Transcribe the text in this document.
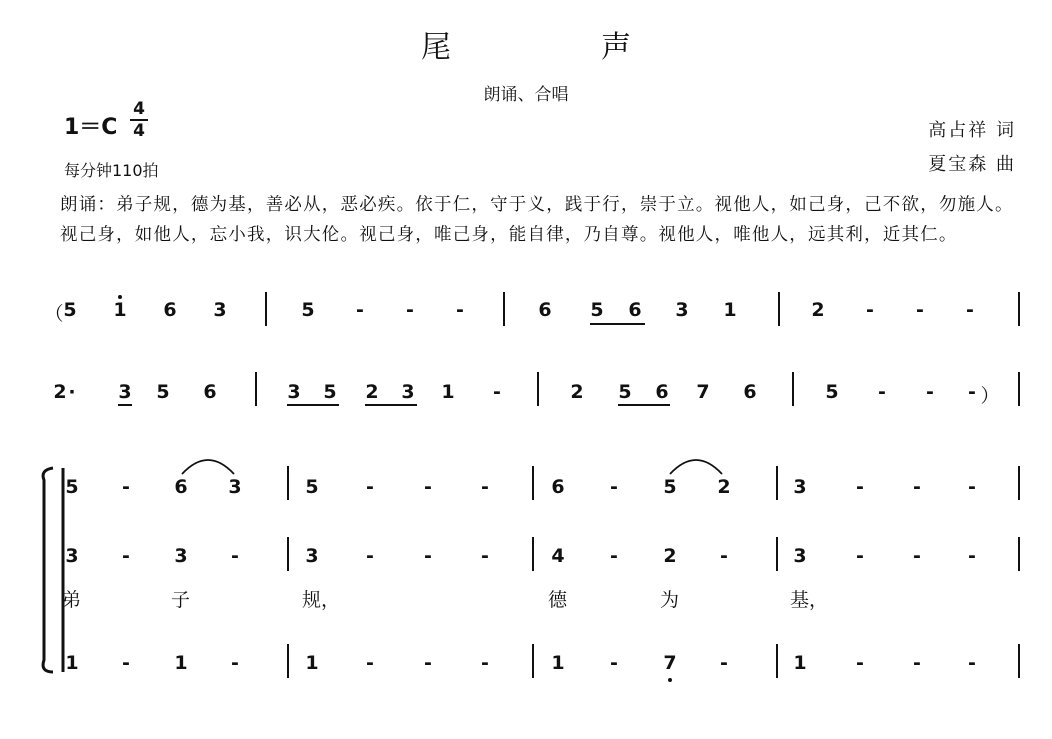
尾　声
朗诵、合唱
1＝C
4
4
每分钟110拍
高占祥 词
夏宝森 曲
朗诵：弟子规，德为基，善必从，恶必疾。依于仁，守于义，践于行，崇于立。视他人，如己身，己不欲，勿施人。视己身，如他人，忘小我，识大伦。视己身，唯己身，能自律，乃自尊。视他人，唯他人，远其利，近其仁。
（ 5 1 6 3	5	-	-	-	6 5 6 3 1	2	-	-	-
2 ·	3 5 6	3 5 2 3 1	-	2 5 6 7 6	5	-	-	- ）
5	-	6 3	5	-	-	-	6	-	5 2	3	-	-	-
3	-	3	-	3	-	-	-	4	-	2	-	3	-	-	-
弟	子	规，	德	为	基，
1	-	1	-	1	-	-	-	1	-	7	-	1	-	-	-
